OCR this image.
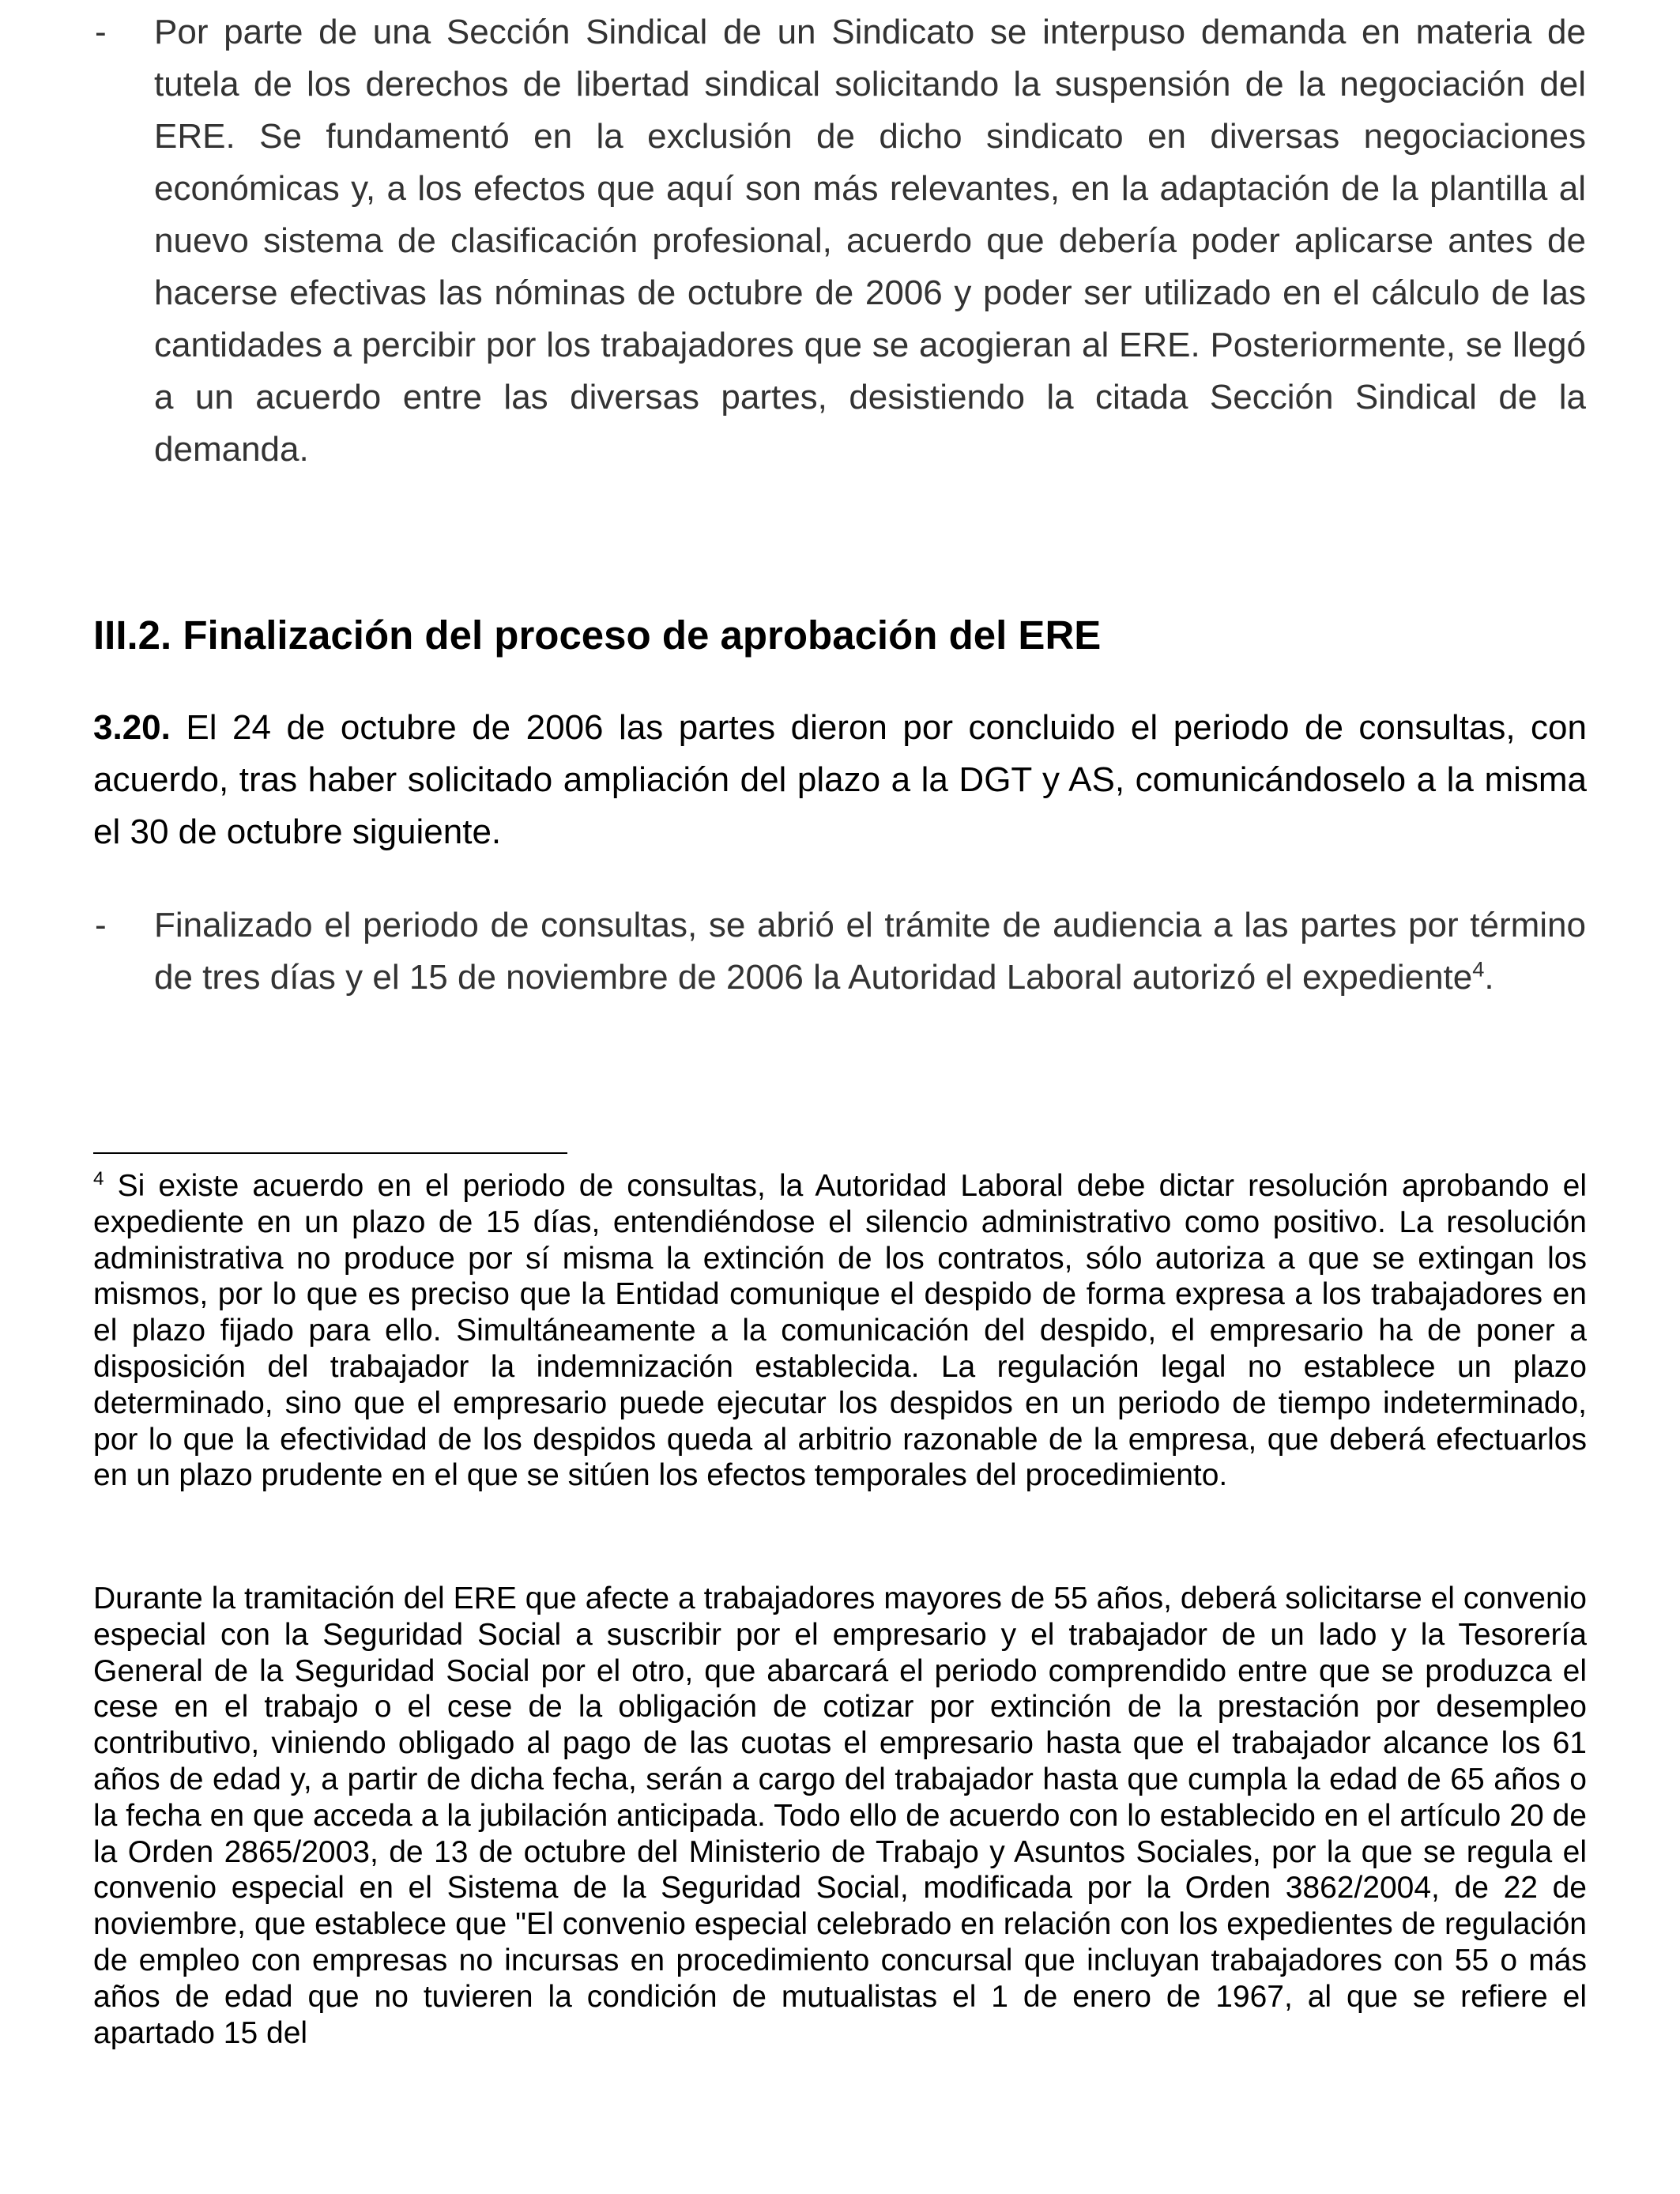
- Por parte de una Sección Sindical de un Sindicato se interpuso demanda en materia de tutela de los derechos de libertad sindical solicitando la suspensión de la negociación del ERE. Se fundamentó en la exclusión de dicho sindicato en diversas negociaciones económicas y, a los efectos que aquí son más relevantes, en la adaptación de la plantilla al nuevo sistema de clasificación profesional, acuerdo que debería poder aplicarse antes de hacerse efectivas las nóminas de octubre de 2006 y poder ser utilizado en el cálculo de las cantidades a percibir por los trabajadores que se acogieran al ERE. Posteriormente, se llegó a un acuerdo entre las diversas partes, desistiendo la citada Sección Sindical de la demanda.
III.2. Finalización del proceso de aprobación del ERE
3.20. El 24 de octubre de 2006 las partes dieron por concluido el periodo de consultas, con acuerdo, tras haber solicitado ampliación del plazo a la DGT y AS, comunicándoselo a la misma el 30 de octubre siguiente.
- Finalizado el periodo de consultas, se abrió el trámite de audiencia a las partes por término de tres días y el 15 de noviembre de 2006 la Autoridad Laboral autorizó el expediente$^4$.

$^4$ Si existe acuerdo en el periodo de consultas, la Autoridad Laboral debe dictar resolución aprobando el expediente en un plazo de 15 días, entendiéndose el silencio administrativo como positivo. La resolución administrativa no produce por sí misma la extinción de los contratos, sólo autoriza a que se extingan los mismos, por lo que es preciso que la Entidad comunique el despido de forma expresa a los trabajadores en el plazo fijado para ello. Simultáneamente a la comunicación del despido, el empresario ha de poner a disposición del trabajador la indemnización establecida. La regulación legal no establece un plazo determinado, sino que el empresario puede ejecutar los despidos en un periodo de tiempo indeterminado, por lo que la efectividad de los despidos queda al arbitrio razonable de la empresa, que deberá efectuarlos en un plazo prudente en el que se sitúen los efectos temporales del procedimiento.

Durante la tramitación del ERE que afecte a trabajadores mayores de 55 años, deberá solicitarse el convenio especial con la Seguridad Social a suscribir por el empresario y el trabajador de un lado y la Tesorería General de la Seguridad Social por el otro, que abarcará el periodo comprendido entre que se produzca el cese en el trabajo o el cese de la obligación de cotizar por extinción de la prestación por desempleo contributivo, viniendo obligado al pago de las cuotas el empresario hasta que el trabajador alcance los 61 años de edad y, a partir de dicha fecha, serán a cargo del trabajador hasta que cumpla la edad de 65 años o la fecha en que acceda a la jubilación anticipada. Todo ello de acuerdo con lo establecido en el artículo 20 de la Orden 2865/2003, de 13 de octubre del Ministerio de Trabajo y Asuntos Sociales, por la que se regula el convenio especial en el Sistema de la Seguridad Social, modificada por la Orden 3862/2004, de 22 de noviembre, que establece que "El convenio especial celebrado en relación con los expedientes de regulación de empleo con empresas no incursas en procedimiento concursal que incluyan trabajadores con 55 o más años de edad que no tuvieren la condición de mutualistas el 1 de enero de 1967, al que se refiere el apartado 15 del
